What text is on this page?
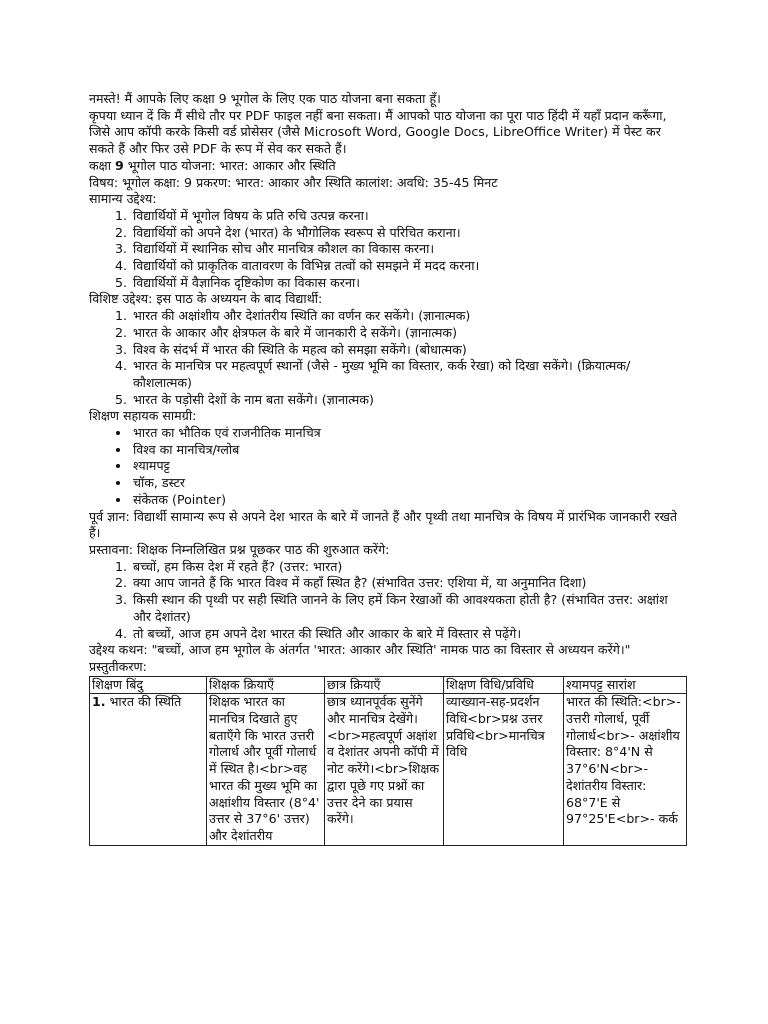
नमस्ते! मैं आपके लिए कक्षा 9 भूगोल के लिए एक पाठ योजना बना सकता हूँ।

कृपया ध्यान दें कि मैं सीधे तौर पर PDF फाइल नहीं बना सकता। मैं आपको पाठ योजना का पूरा पाठ हिंदी में यहाँ प्रदान करूँगा, जिसे आप कॉपी करके किसी वर्ड प्रोसेसर (जैसे Microsoft Word, Google Docs, LibreOffice Writer) में पेस्ट कर सकते हैं और फिर उसे PDF के रूप में सेव कर सकते हैं।

कक्षा 9 भूगोल पाठ योजना: भारत: आकार और स्थिति

विषय: भूगोल कक्षा: 9 प्रकरण: भारत: आकार और स्थिति कालांश: अवधि: 35-45 मिनट

सामान्य उद्देश्य:

1. विद्यार्थियों में भूगोल विषय के प्रति रुचि उत्पन्न करना।
2. विद्यार्थियों को अपने देश (भारत) के भौगोलिक स्वरूप से परिचित कराना।
3. विद्यार्थियों में स्थानिक सोच और मानचित्र कौशल का विकास करना।
4. विद्यार्थियों को प्राकृतिक वातावरण के विभिन्न तत्वों को समझने में मदद करना।
5. विद्यार्थियों में वैज्ञानिक दृष्टिकोण का विकास करना।

विशिष्ट उद्देश्य: इस पाठ के अध्ययन के बाद विद्यार्थी:

1. भारत की अक्षांशीय और देशांतरीय स्थिति का वर्णन कर सकेंगे। (ज्ञानात्मक)
2. भारत के आकार और क्षेत्रफल के बारे में जानकारी दे सकेंगे। (ज्ञानात्मक)
3. विश्व के संदर्भ में भारत की स्थिति के महत्व को समझा सकेंगे। (बोधात्मक)
4. भारत के मानचित्र पर महत्वपूर्ण स्थानों (जैसे - मुख्य भूमि का विस्तार, कर्क रेखा) को दिखा सकेंगे। (क्रियात्मक/कौशलात्मक)
5. भारत के पड़ोसी देशों के नाम बता सकेंगे। (ज्ञानात्मक)

शिक्षण सहायक सामग्री:

• भारत का भौतिक एवं राजनीतिक मानचित्र
• विश्व का मानचित्र/ग्लोब
• श्यामपट्ट
• चॉक, डस्टर
• संकेतक (Pointer)

पूर्व ज्ञान: विद्यार्थी सामान्य रूप से अपने देश भारत के बारे में जानते हैं और पृथ्वी तथा मानचित्र के विषय में प्रारंभिक जानकारी रखते हैं।

प्रस्तावना: शिक्षक निम्नलिखित प्रश्न पूछकर पाठ की शुरुआत करेंगे:

1. बच्चों, हम किस देश में रहते हैं? (उत्तर: भारत)
2. क्या आप जानते हैं कि भारत विश्व में कहाँ स्थित है? (संभावित उत्तर: एशिया में, या अनुमानित दिशा)
3. किसी स्थान की पृथ्वी पर सही स्थिति जानने के लिए हमें किन रेखाओं की आवश्यकता होती है? (संभावित उत्तर: अक्षांश और देशांतर)
4. तो बच्चों, आज हम अपने देश भारत की स्थिति और आकार के बारे में विस्तार से पढ़ेंगे।

उद्देश्य कथन: "बच्चों, आज हम भूगोल के अंतर्गत 'भारत: आकार और स्थिति' नामक पाठ का विस्तार से अध्ययन करेंगे।"

प्रस्तुतीकरण:

शिक्षण बिंदु	शिक्षक क्रियाएँ	छात्र क्रियाएँ	शिक्षण विधि/प्रविधि	श्यामपट्ट सारांश
1. भारत की स्थिति	शिक्षक भारत का मानचित्र दिखाते हुए बताएँगे कि भारत उत्तरी गोलार्ध और पूर्वी गोलार्ध में स्थित है।<br>वह भारत की मुख्य भूमि का अक्षांशीय विस्तार (8°4' उत्तर से 37°6' उत्तर) और देशांतरीय	छात्र ध्यानपूर्वक सुनेंगे और मानचित्र देखेंगे।<br>महत्वपूर्ण अक्षांश व देशांतर अपनी कॉपी में नोट करेंगे।<br>शिक्षक द्वारा पूछे गए प्रश्नों का उत्तर देने का प्रयास करेंगे।	व्याख्यान-सह-प्रदर्शन विधि<br>प्रश्न उत्तर प्रविधि<br>मानचित्र विधि	भारत की स्थिति:<br>- उत्तरी गोलार्ध, पूर्वी गोलार्ध<br>- अक्षांशीय विस्तार: 8°4'N से 37°6'N<br>- देशांतरीय विस्तार: 68°7'E से 97°25'E<br>- कर्क
